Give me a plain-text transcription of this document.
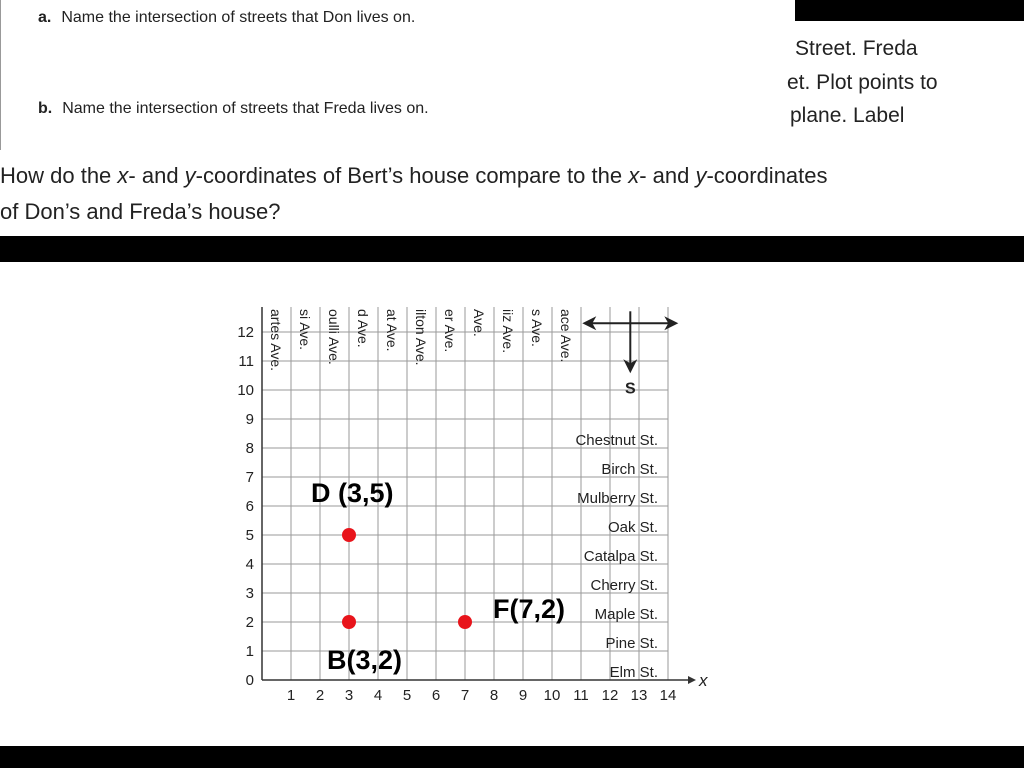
a. Name the intersection of streets that Don lives on.
b. Name the intersection of streets that Freda lives on.
Street. Freda
et. Plot points to
plane. Label
How do the x- and y-coordinates of Bert’s house compare to the x- and y-coordinates
of Don’s and Freda’s house?
x
1 2 3 4 5 6 7 8 9 10 11 12 13 14
0
1
2
3
4
5
6
7
8
9
10
11
12 artes Ave. si Ave. oulli Ave. d Ave. at Ave. ilton Ave. er Ave. Ave. iiz Ave. s Ave. ace Ave.
Chestnut St.
Birch St.
Mulberry St.
Oak St.
Catalpa St.
Cherry St.
Maple St.
Pine St.
Elm St.
S
D (3,5)
B(3,2)
F(7,2)
